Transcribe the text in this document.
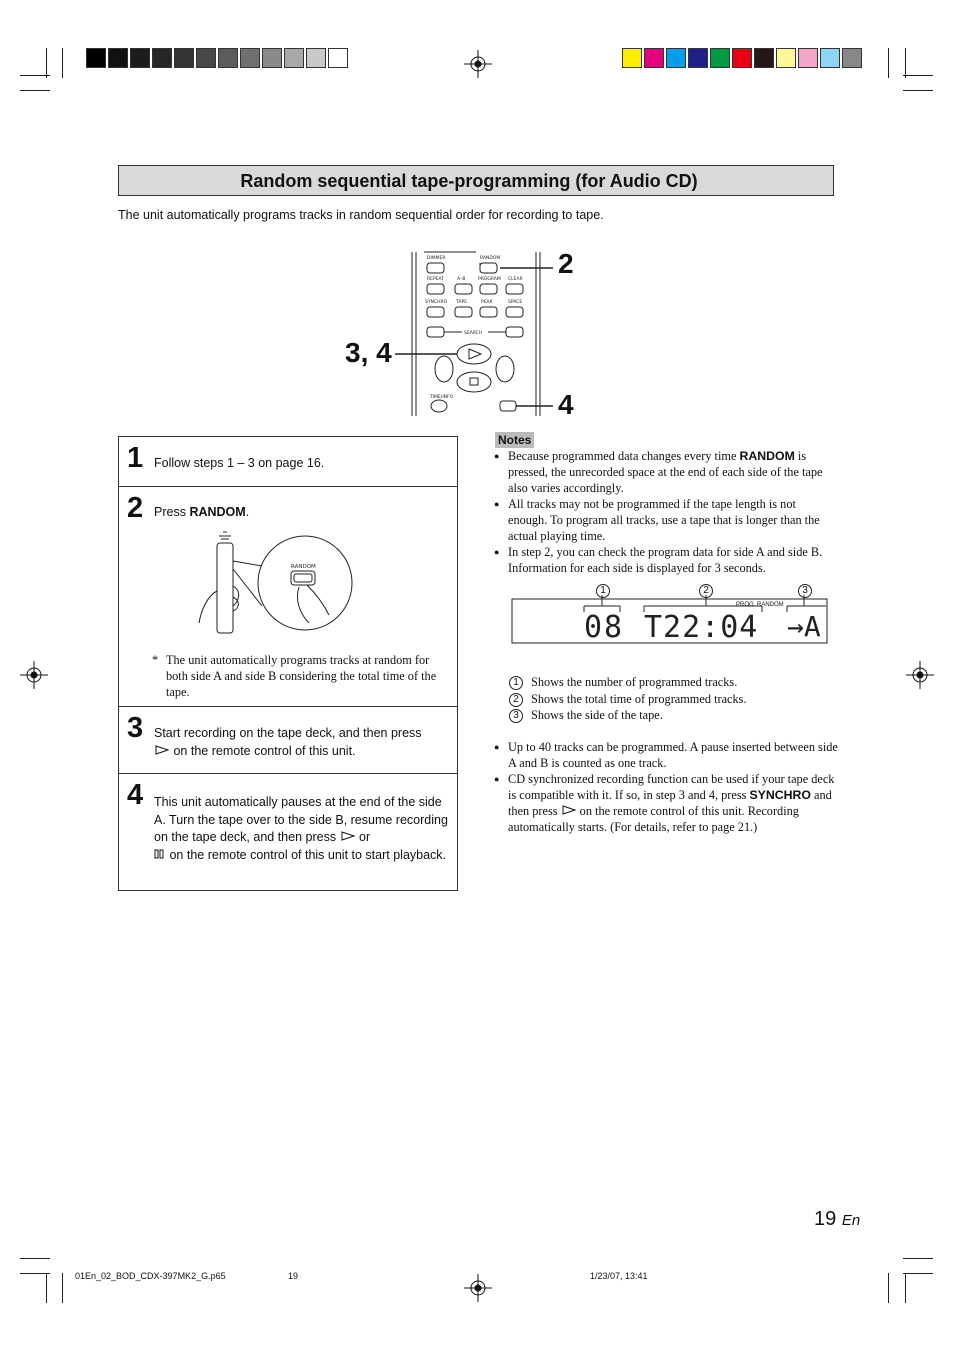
English
Random sequential tape-programming (for Audio CD)
The unit automatically programs tracks in random sequential order for recording to tape.
DIMMER	RANDOM
REPEAT	A–B	PROGRAM CLEAR
SYNCHRO TAPE	PEAK	SPACE
SEARCH
TIME/INFO
2
3, 4
4
1 Follow steps 1 – 3 on page 16.
2 Press RANDOM.
RANDOM
* The unit automatically programs tracks at random for both side A and side B considering the total time of the tape.
3 Start recording on the tape deck, and then press
on the remote control of this unit.
4 This unit automatically pauses at the end of the side A. Turn the tape over to the side B, resume recording on the tape deck, and then press or
on the remote control of this unit to start playback.
Notes
● Because programmed data changes every time RANDOM is pressed, the unrecorded space at the end of each side of the tape also varies accordingly.
● All tracks may not be programmed if the tape length is not enough. To program all tracks, use a tape that is longer than the actual playing time.
● In step 2, you can check the program data for side A and side B. Information for each side is displayed for 3 seconds.
1	2	3
PROG. RANDOM
08 T22:04 →A
1 Shows the number of programmed tracks.
2 Shows the total time of programmed tracks.
3 Shows the side of the tape.
● Up to 40 tracks can be programmed. A pause inserted between side A and B is counted as one track.
● CD synchronized recording function can be used if your tape deck is compatible with it. If so, in step 3 and 4, press SYNCHRO and then press  on the remote control of this unit. Recording automatically starts. (For details, refer to page 21.)
19 En
01En_02_BOD_CDX-397MK2_G.p65	19	1/23/07, 13:41
